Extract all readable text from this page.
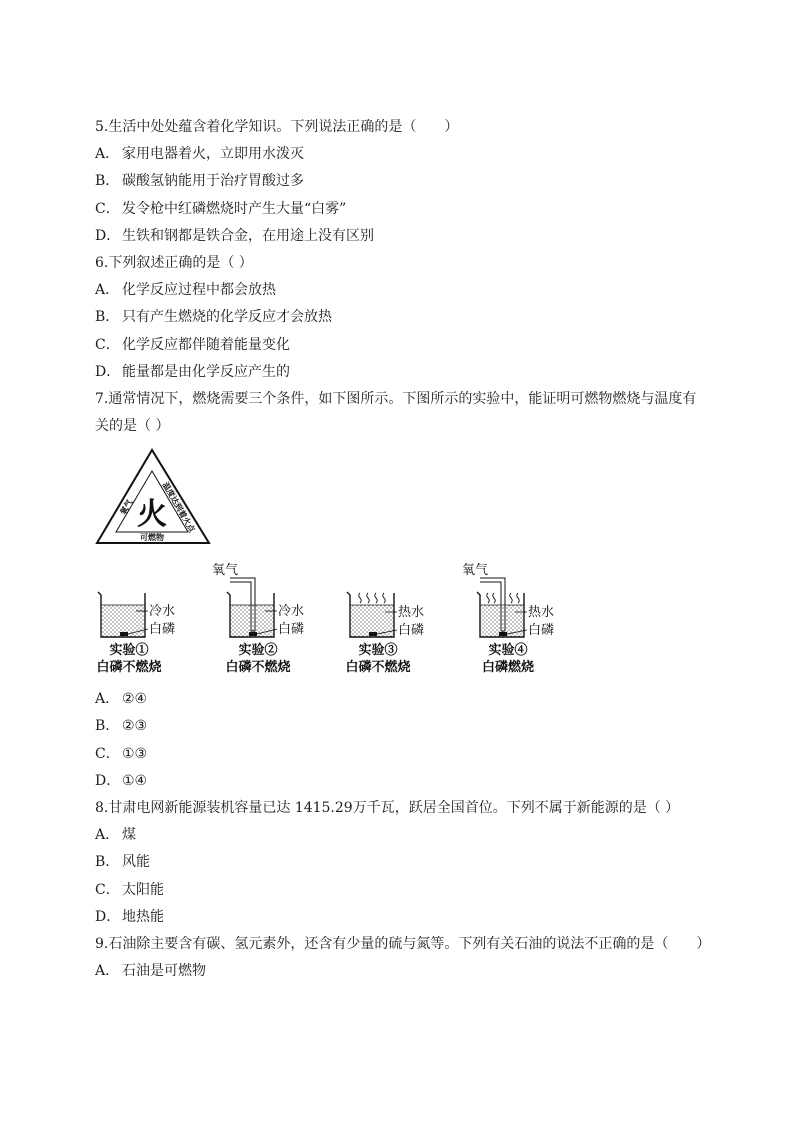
5.生活中处处蕴含着化学知识。下列说法正确的是（　　）
A． 家用电器着火，立即用水泼灭
B． 碳酸氢钠能用于治疗胃酸过多
C． 发令枪中红磷燃烧时产生大量“白雾”
D． 生铁和钢都是铁合金，在用途上没有区别
6.下列叙述正确的是（ ）
A． 化学反应过程中都会放热
B． 只有产生燃烧的化学反应才会放热
C． 化学反应都伴随着能量变化
D． 能量都是由化学反应产生的
7.通常情况下，燃烧需要三个条件，如下图所示。下图所示的实验中，能证明可燃物燃烧与温度有
关的是（ ）
火
氧气	温度达到着火点
可燃物
冷水
白磷
实验①
白磷不燃烧
氧气
冷水
白磷
实验②
白磷不燃烧
热水
白磷
实验③
白磷不燃烧
氧气
热水
白磷
实验④
白磷燃烧
A． ②④
B． ②③
C． ①③
D． ①④
8.甘肃电网新能源装机容量已达 1415.29万千瓦，跃居全国首位。下列不属于新能源的是（ ）
A． 煤
B． 风能
C． 太阳能
D． 地热能
9.石油除主要含有碳、氢元素外，还含有少量的硫与氮等。下列有关石油的说法不正确的是（　　）
A． 石油是可燃物
